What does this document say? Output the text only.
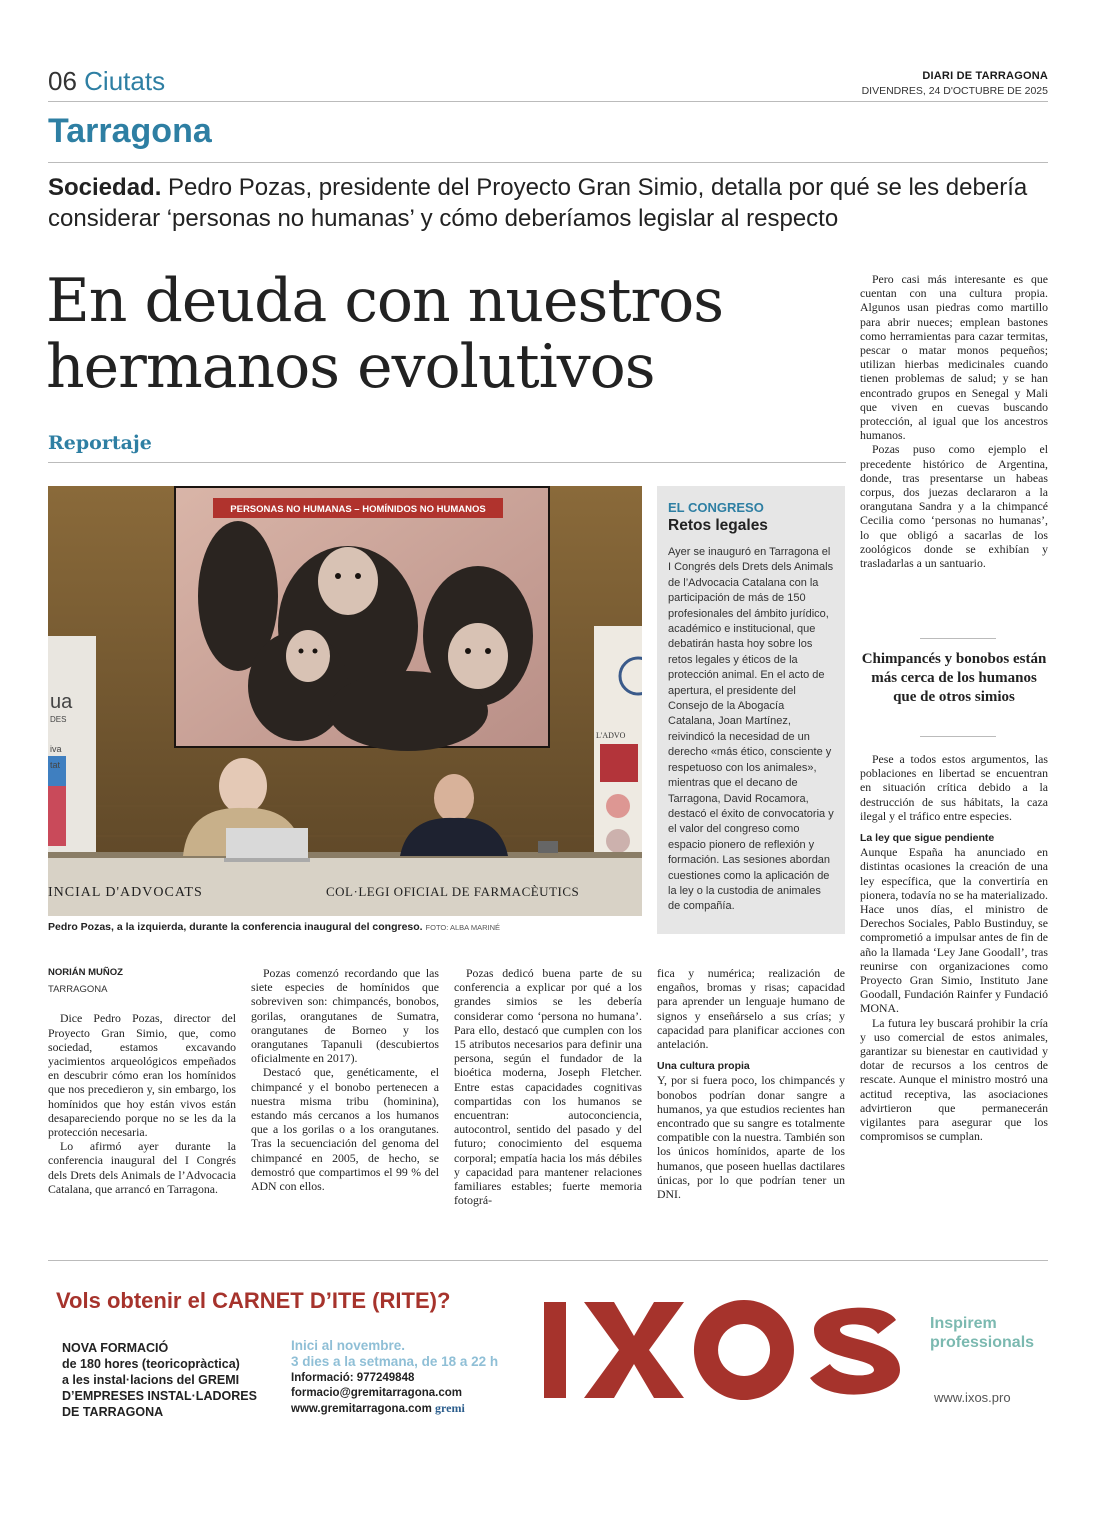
06 Ciutats	DIARI DE TARRAGONA
DIVENDRES, 24 D'OCTUBRE DE 2025
Tarragona
Sociedad. Pedro Pozas, presidente del Proyecto Gran Simio, detalla por qué se les debería considerar ‘personas no humanas’ y cómo deberíamos legislar al respecto
En deuda con nuestros hermanos evolutivos
Reportaje
ua
DES
iva
tat
L'ADVO
PERSONAS NO HUMANAS – HOMÍNIDOS NO HUMANOS
INCIAL D'ADVOCATS	COL·LEGI OFICIAL DE FARMACÈUTICS
Pedro Pozas, a la izquierda, durante la conferencia inaugural del congreso. FOTO: ALBA MARINÉ
EL CONGRESO
Retos legales
Ayer se inauguró en Tarragona el I Congrés dels Drets dels Animals de l’Advocacia Catalana con la participación de más de 150 profesionales del ámbito jurídico, académico e institucional, que debatirán hasta hoy sobre los retos legales y éticos de la protección animal. En el acto de apertura, el presidente del Consejo de la Abogacía Catalana, Joan Martínez, reivindicó la necesidad de un derecho «más ético, consciente y respetuoso con los animales», mientras que el decano de Tarragona, David Rocamora, destacó el éxito de convocatoria y el valor del congreso como espacio pionero de reflexión y formación. Las sesiones abordan cuestiones como la aplicación de la ley o la custodia de animales de compañía.
NORIÁN MUÑOZ
TARRAGONA

Dice Pedro Pozas, director del Proyecto Gran Simio, que, como sociedad, estamos excavando yacimientos arqueológicos empeñados en descubrir cómo eran los homínidos que nos precedieron y, sin embargo, los homínidos que hoy están vivos están desapareciendo porque no se les da la protección necesaria.

Lo afirmó ayer durante la conferencia inaugural del I Congrés dels Drets dels Animals de l’Advocacia Catalana, que arrancó en Tarragona.

Pozas comenzó recordando que las siete especies de homínidos que sobreviven son: chimpancés, bonobos, gorilas, orangutanes de Sumatra, orangutanes de Borneo y los orangutanes Tapanuli (descubiertos oficialmente en 2017).

Destacó que, genéticamente, el chimpancé y el bonobo pertenecen a nuestra misma tribu (hominina), estando más cercanos a los humanos que a los gorilas o a los orangutanes. Tras la secuenciación del genoma del chimpancé en 2005, de hecho, se demostró que compartimos el 99 % del ADN con ellos.

Pozas dedicó buena parte de su conferencia a explicar por qué a los grandes simios se les debería considerar como ‘persona no humana’. Para ello, destacó que cumplen con los 15 atributos necesarios para definir una persona, según el fundador de la bioética moderna, Joseph Fletcher. Entre estas capacidades cognitivas compartidas con los humanos se encuentran: autoconciencia, autocontrol, sentido del pasado y del futuro; conocimiento del esquema corporal; empatía hacia los más débiles y capacidad para mantener relaciones familiares estables; fuerte memoria fotográ-

fica y numérica; realización de engaños, bromas y risas; capacidad para aprender un lenguaje humano de signos y enseñárselo a sus crías; y capacidad para planificar acciones con antelación.

Una cultura propia

Y, por si fuera poco, los chimpancés y bonobos podrían donar sangre a humanos, ya que estudios recientes han encontrado que su sangre es totalmente compatible con la nuestra. También son los únicos homínidos, aparte de los humanos, que poseen huellas dactilares únicas, por lo que podrían tener un DNI.

Pero casi más interesante es que cuentan con una cultura propia. Algunos usan piedras como martillo para abrir nueces; emplean bastones como herramientas para cazar termitas, pescar o matar monos pequeños; utilizan hierbas medicinales cuando tienen problemas de salud; y se han encontrado grupos en Senegal y Mali que viven en cuevas buscando protección, al igual que los ancestros humanos.

Pozas puso como ejemplo el precedente histórico de Argentina, donde, tras presentarse un habeas corpus, dos juezas declararon a la orangutana Sandra y a la chimpancé Cecilia como ‘personas no humanas’, lo que obligó a sacarlas de los zoológicos donde se exhibían y trasladarlas a un santuario.

Chimpancés y bonobos están más cerca de los humanos que de otros simios

Pese a todos estos argumentos, las poblaciones en libertad se encuentran en situación crítica debido a la destrucción de sus hábitats, la caza ilegal y el tráfico entre especies.

La ley que sigue pendiente

Aunque España ha anunciado en distintas ocasiones la creación de una ley específica, que la convertiría en pionera, todavía no se ha materializado. Hace unos días, el ministro de Derechos Sociales, Pablo Bustinduy, se comprometió a impulsar antes de fin de año la llamada ‘Ley Jane Goodall’, tras reunirse con organizaciones como Proyecto Gran Simio, Instituto Jane Goodall, Fundación Rainfer y Fundació MONA.

La futura ley buscará prohibir la cría y uso comercial de estos animales, garantizar su bienestar en cautividad y dotar de recursos a los centros de rescate. Aunque el ministro mostró una actitud receptiva, las asociaciones advirtieron que permanecerán vigilantes para asegurar que los compromisos se cumplan.

Vols obtenir el CARNET D’ITE (RITE)?
NOVA FORMACIÓ
de 180 hores (teoricopràctica)
a les instal·lacions del GREMI
D’EMPRESES INSTAL·LADORES
DE TARRAGONA
Inici al novembre.
3 dies a la setmana, de 18 a 22 h
Informació: 977249848
formacio@gremitarragona.com
www.gremitarragona.com gremi
Inspirem
professionals
www.ixos.pro
